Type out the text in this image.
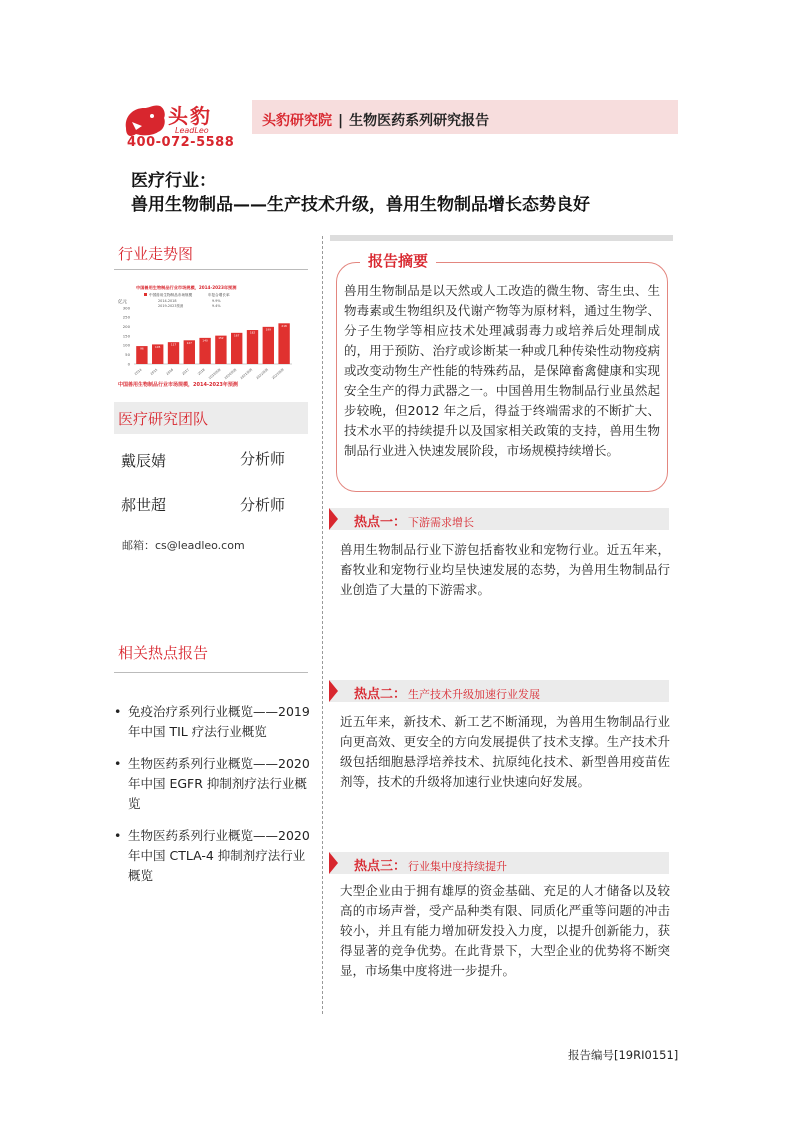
头豹
LeadLeo
400-072-5588
头豹研究院 | 生物医药系列研究报告
医疗行业：
兽用生物制品——生产技术升级，兽用生物制品增长态势良好
行业走势图
中国兽用生物制品行业市场规模，2014-2023年预测
亿元
中国兽用生物制品市场规模	年复合增长率
2014-2018	9.9%
2019-2023预测	9.4%
0
50
100
150
200
250
300
96	105
117	127
140
152
167
182
199
218
2014 2015 2016 2017 2018 2019预测 2020预测 2021预测 2022预测 2023预测
中国兽用生物制品行业市场规模，2014-2023年预测
医疗研究团队
戴辰婧	分析师
郝世超	分析师
邮箱：cs@leadleo.com
相关热点报告
• 免疫治疗系列行业概览——2019 年中国 TIL 疗法行业概览
• 生物医药系列行业概览——2020 年中国 EGFR 抑制剂疗法行业概览
• 生物医药系列行业概览——2020 年中国 CTLA-4 抑制剂疗法行业概览
报告摘要
兽用生物制品是以天然或人工改造的微生物、寄生虫、生物毒素或生物组织及代谢产物等为原材料，通过生物学、分子生物学等相应技术处理减弱毒力或培养后处理制成的，用于预防、治疗或诊断某一种或几种传染性动物疫病或改变动物生产性能的特殊药品，是保障畜禽健康和实现安全生产的得力武器之一。中国兽用生物制品行业虽然起步较晚，但2012 年之后，得益于终端需求的不断扩大、技术水平的持续提升以及国家相关政策的支持，兽用生物制品行业进入快速发展阶段，市场规模持续增长。
热点一： 下游需求增长
兽用生物制品行业下游包括畜牧业和宠物行业。近五年来，畜牧业和宠物行业均呈快速发展的态势，为兽用生物制品行业创造了大量的下游需求。
热点二： 生产技术升级加速行业发展
近五年来，新技术、新工艺不断涌现，为兽用生物制品行业向更高效、更安全的方向发展提供了技术支撑。生产技术升级包括细胞悬浮培养技术、抗原纯化技术、新型兽用疫苗佐剂等，技术的升级将加速行业快速向好发展。
热点三： 行业集中度持续提升
大型企业由于拥有雄厚的资金基础、充足的人才储备以及较高的市场声誉，受产品种类有限、同质化严重等问题的冲击较小，并且有能力增加研发投入力度，以提升创新能力，获得显著的竞争优势。在此背景下，大型企业的优势将不断突显，市场集中度将进一步提升。
报告编号[19RI0151]
